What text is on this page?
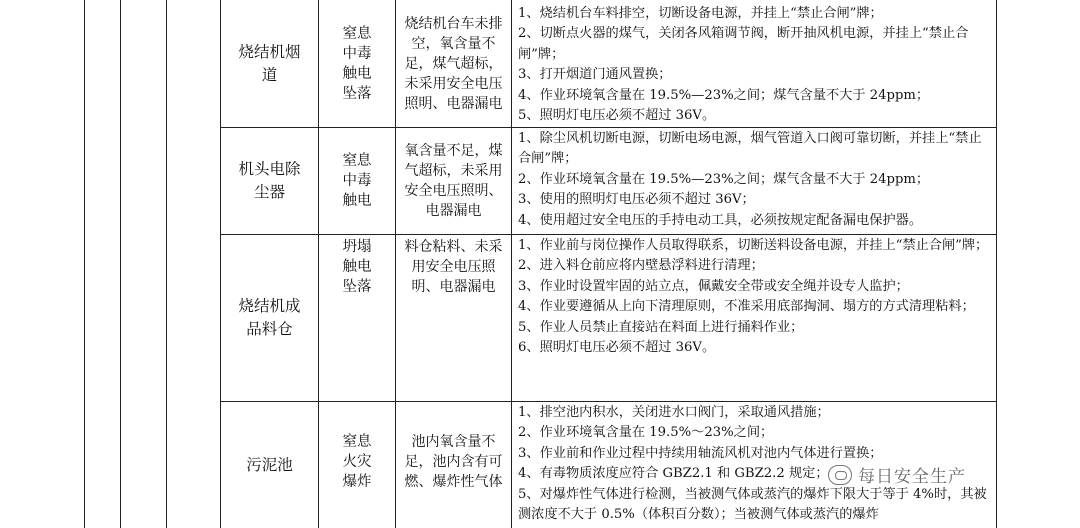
烧结机烟道
窒息中毒触电坠落
烧结机台车未排空，氧含量不足，煤气超标，未采用安全电压照明、电器漏电
1、烧结机台车料排空，切断设备电源，并挂上“禁止合闸”牌；
2、切断点火器的煤气，关闭各风箱调节阀，断开抽风机电源，并挂上“禁止合闸”牌；
3、打开烟道门通风置换；
4、作业环境氧含量在 19.5%—23%之间；煤气含量不大于 24ppm；
5、照明灯电压必须不超过 36V。
机头电除尘器
窒息中毒触电
氧含量不足，煤气超标，未采用安全电压照明、电器漏电
1、除尘风机切断电源，切断电场电源，烟气管道入口阀可靠切断，并挂上“禁止合闸”牌；
2、作业环境氧含量在 19.5%—23%之间；煤气含量不大于 24ppm；
3、使用的照明灯电压必须不超过 36V；
4、使用超过安全电压的手持电动工具，必须按规定配备漏电保护器。
烧结机成品料仓
坍塌触电坠落
料仓粘料、未采用安全电压照明、电器漏电
1、作业前与岗位操作人员取得联系，切断送料设备电源，并挂上“禁止合闸”牌；
2、进入料仓前应将内壁悬浮料进行清理；
3、作业时设置牢固的站立点，佩戴安全带或安全绳并设专人监护；
4、作业要遵循从上向下清理原则，不准采用底部掏洞、塌方的方式清理粘料；
5、作业人员禁止直接站在料面上进行捅料作业；
6、照明灯电压必须不超过 36V。
污泥池
窒息火灾爆炸
池内氧含量不足，池内含有可燃、爆炸性气体
1、排空池内积水，关闭进水口阀门，采取通风措施；
2、作业环境氧含量在 19.5%～23%之间；
3、作业前和作业过程中持续用轴流风机对池内气体进行置换；
4、有毒物质浓度应符合 GBZ2.1 和 GBZ2.2 规定；
5、对爆炸性气体进行检测，当被测气体或蒸汽的爆炸下限大于等于 4%时，其被测浓度不大于 0.5%（体积百分数）；当被测气体或蒸汽的爆炸
每日安全生产
